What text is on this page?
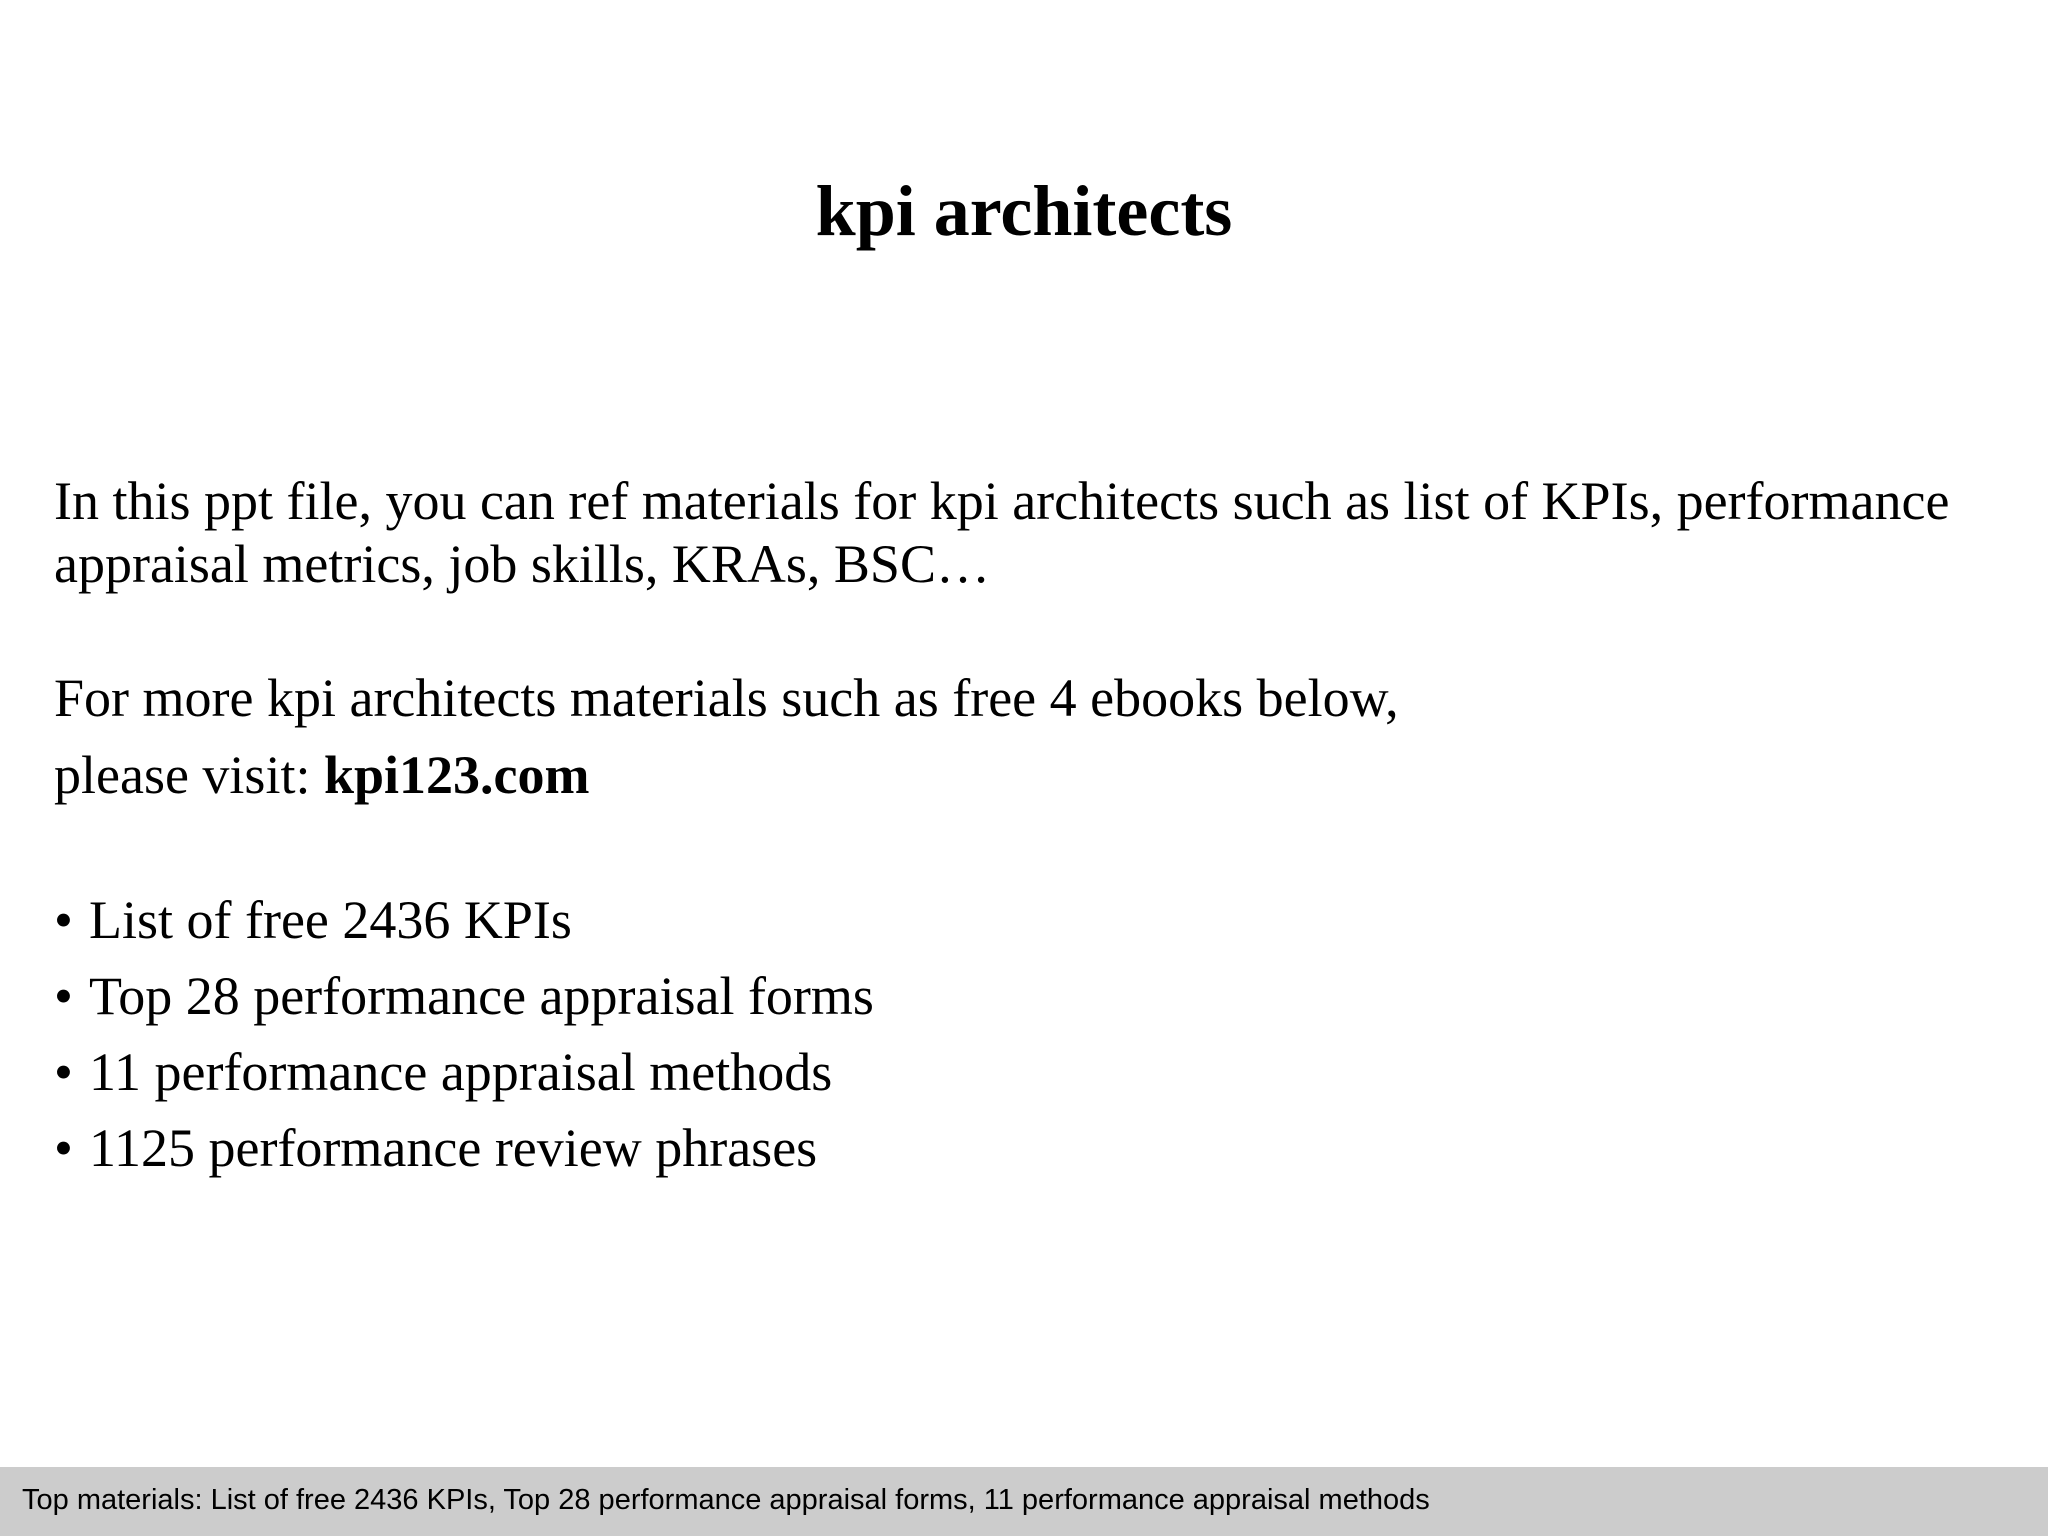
kpi architects

In this ppt file, you can ref materials for kpi architects such as list of KPIs, performance appraisal metrics, job skills, KRAs, BSC…

For more kpi architects materials such as free 4 ebooks below,
please visit: kpi123.com

• List of free 2436 KPIs
• Top 28 performance appraisal forms
• 11 performance appraisal methods
• 1125 performance review phrases
Top materials: List of free 2436 KPIs, Top 28 performance appraisal forms, 11 performance appraisal methods
